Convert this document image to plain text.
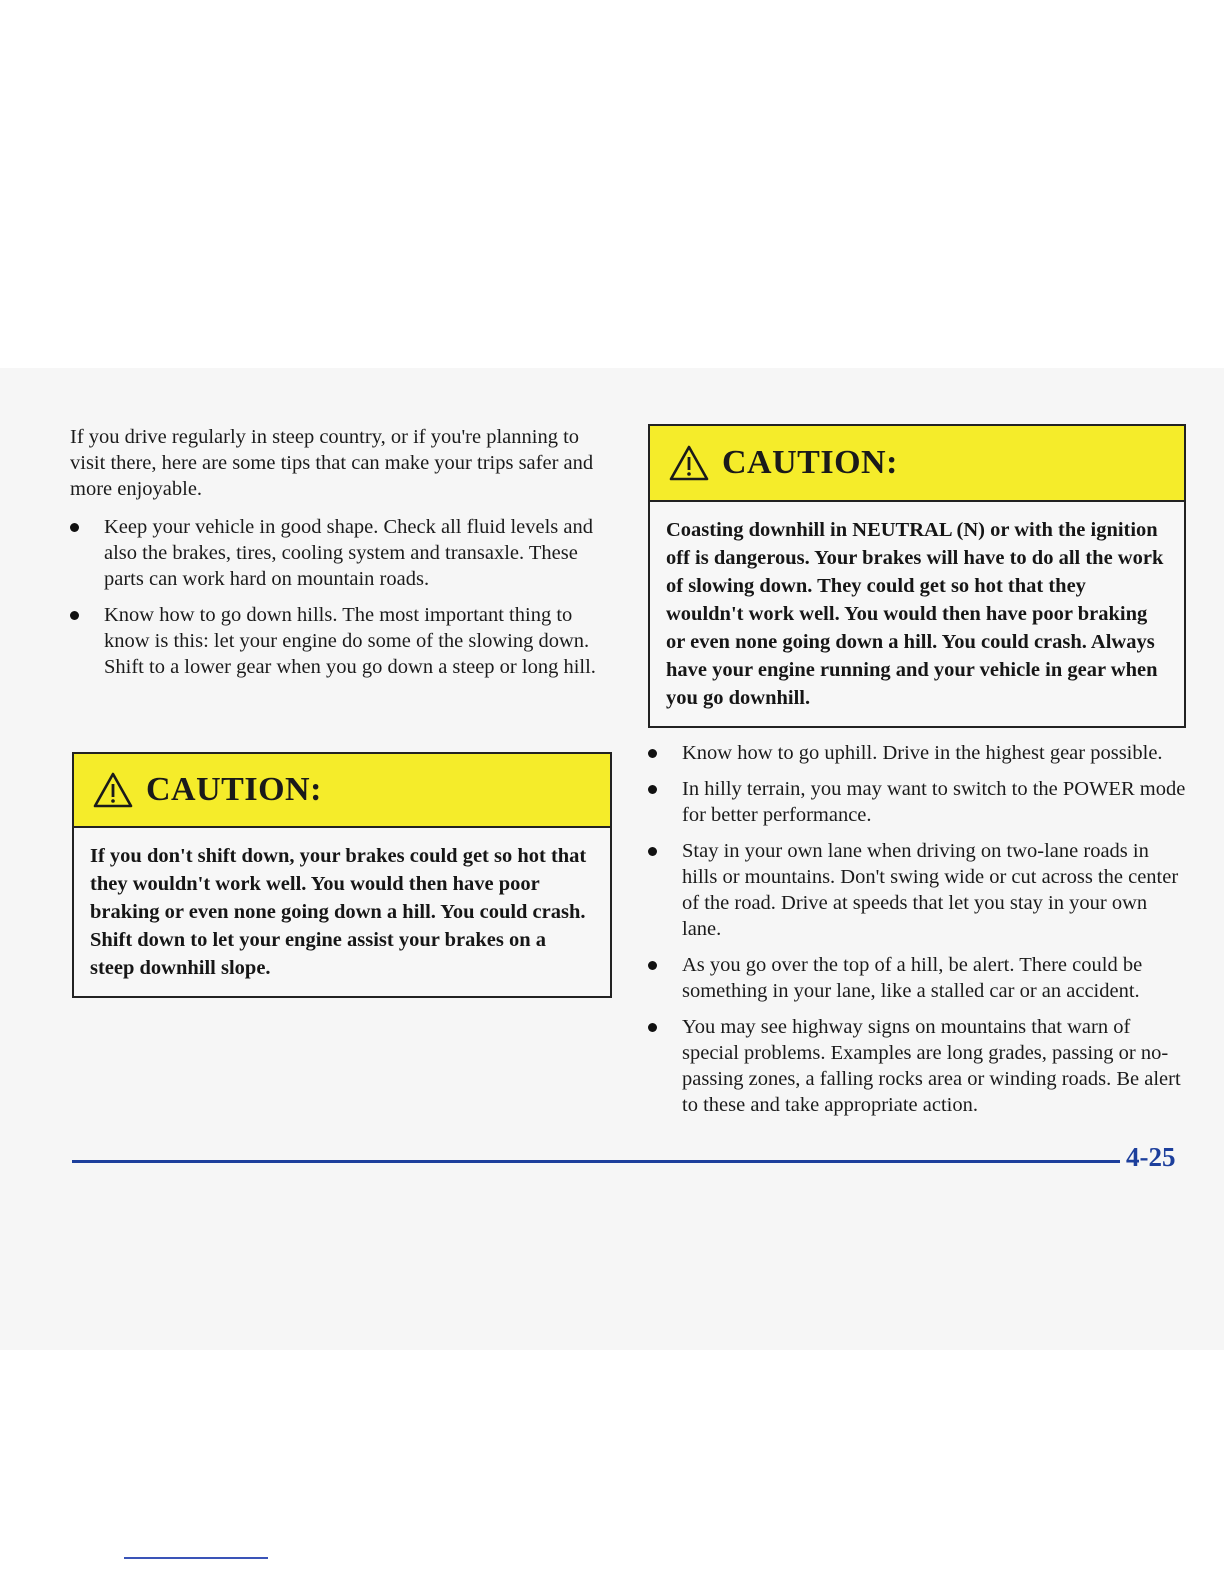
If you drive regularly in steep country, or if you're planning to visit there, here are some tips that can make your trips safer and more enjoyable.

Keep your vehicle in good shape. Check all fluid levels and also the brakes, tires, cooling system and transaxle. These parts can work hard on mountain roads.
Know how to go down hills. The most important thing to know is this: let your engine do some of the slowing down. Shift to a lower gear when you go down a steep or long hill.
CAUTION:
If you don't shift down, your brakes could get so hot that they wouldn't work well. You would then have poor braking or even none going down a hill. You could crash. Shift down to let your engine assist your brakes on a steep downhill slope.
CAUTION:
Coasting downhill in NEUTRAL (N) or with the ignition off is dangerous. Your brakes will have to do all the work of slowing down. They could get so hot that they wouldn't work well. You would then have poor braking or even none going down a hill. You could crash. Always have your engine running and your vehicle in gear when you go downhill.
Know how to go uphill. Drive in the highest gear possible.
In hilly terrain, you may want to switch to the POWER mode for better performance.
Stay in your own lane when driving on two-lane roads in hills or mountains. Don't swing wide or cut across the center of the road. Drive at speeds that let you stay in your own lane.
As you go over the top of a hill, be alert. There could be something in your lane, like a stalled car or an accident.
You may see highway signs on mountains that warn of special problems. Examples are long grades, passing or no-passing zones, a falling rocks area or winding roads. Be alert to these and take appropriate action.
4-25
